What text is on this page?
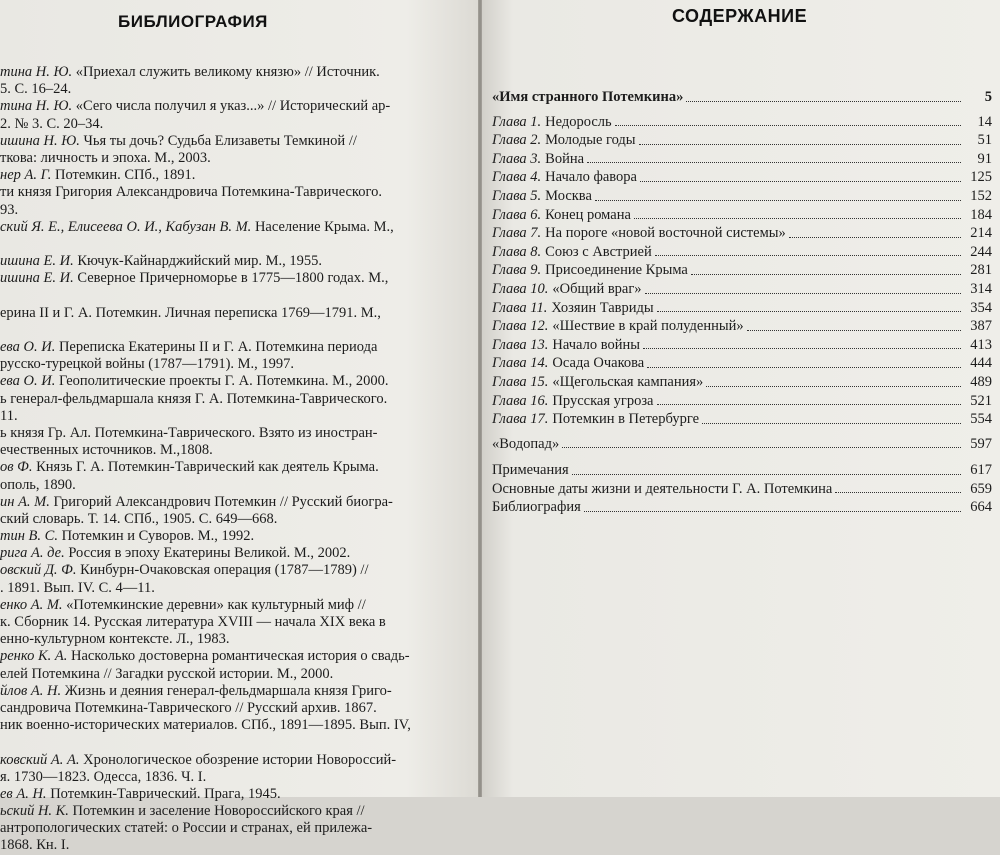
БИБЛИОГРАФИЯ
тина Н. Ю. «Приехал служить великому князю» // Источник.
5. С. 16–24.
тина Н. Ю. «Сего числа получил я указ...» // Исторический ар-
2. № 3. С. 20–34.
ишина Н. Ю. Чья ты дочь? Судьба Елизаветы Темкиной //
ткова: личность и эпоха. М., 2003.
нер А. Г. Потемкин. СПб., 1891.
ти князя Григория Александровича Потемкина-Таврического.
93.
ский Я. Е., Елисеева О. И., Кабузан В. М. Население Крыма. М.,
ишина Е. И. Кючук-Кайнарджийский мир. М., 1955.
ишина Е. И. Северное Причерноморье в 1775—1800 годах. М.,
ерина II и Г. А. Потемкин. Личная переписка 1769—1791. М.,
ева О. И. Переписка Екатерины II и Г. А. Потемкина периода
русско-турецкой войны (1787—1791). М., 1997.
ева О. И. Геополитические проекты Г. А. Потемкина. М., 2000.
ь генерал-фельдмаршала князя Г. А. Потемкина-Таврического.
11.
ь князя Гр. Ал. Потемкина-Таврического. Взято из иностран-
ечественных источников. М.,1808.
ов Ф. Князь Г. А. Потемкин-Таврический как деятель Крыма.
ополь, 1890.
ин А. М. Григорий Александрович Потемкин // Русский биогра-
ский словарь. Т. 14. СПб., 1905. С. 649—668.
тин В. С. Потемкин и Суворов. М., 1992.
рига А. де. Россия в эпоху Екатерины Великой. М., 2002.
овский Д. Ф. Кинбурн-Очаковская операция (1787—1789) //
. 1891. Вып. IV. С. 4—11.
енко А. М. «Потемкинские деревни» как культурный миф //
к. Сборник 14. Русская литература XVIII — начала XIX века в
енно-культурном контексте. Л., 1983.
ренко К. А. Насколько достоверна романтическая история о свадь-
елей Потемкина // Загадки русской истории. М., 2000.
йлов А. Н. Жизнь и деяния генерал-фельдмаршала князя Григо-
сандровича Потемкина-Таврического // Русский архив. 1867.
ник военно-исторических материалов. СПб., 1891—1895. Вып. IV,
ковский А. А. Хронологическое обозрение истории Новороссий-
я. 1730—1823. Одесса, 1836. Ч. I.
ев А. Н. Потемкин-Таврический. Прага, 1945.
ьский Н. К. Потемкин и заселение Новороссийского края //
антропологических статей: о России и странах, ей прилежа-
1868. Кн. I.
СОДЕРЖАНИЕ
«Имя странного Потемкина»	5
Глава 1. Недоросль	14
Глава 2. Молодые годы	51
Глава 3. Война	91
Глава 4. Начало фавора	125
Глава 5. Москва	152
Глава 6. Конец романа	184
Глава 7. На пороге «новой восточной системы»	214
Глава 8. Союз с Австрией	244
Глава 9. Присоединение Крыма	281
Глава 10. «Общий враг»	314
Глава 11. Хозяин Тавриды	354
Глава 12. «Шествие в край полуденный»	387
Глава 13. Начало войны	413
Глава 14. Осада Очакова	444
Глава 15. «Щегольская кампания»	489
Глава 16. Прусская угроза	521
Глава 17. Потемкин в Петербурге	554
«Водопад»	597
Примечания	617
Основные даты жизни и деятельности Г. А. Потемкина	659
Библиография	664
